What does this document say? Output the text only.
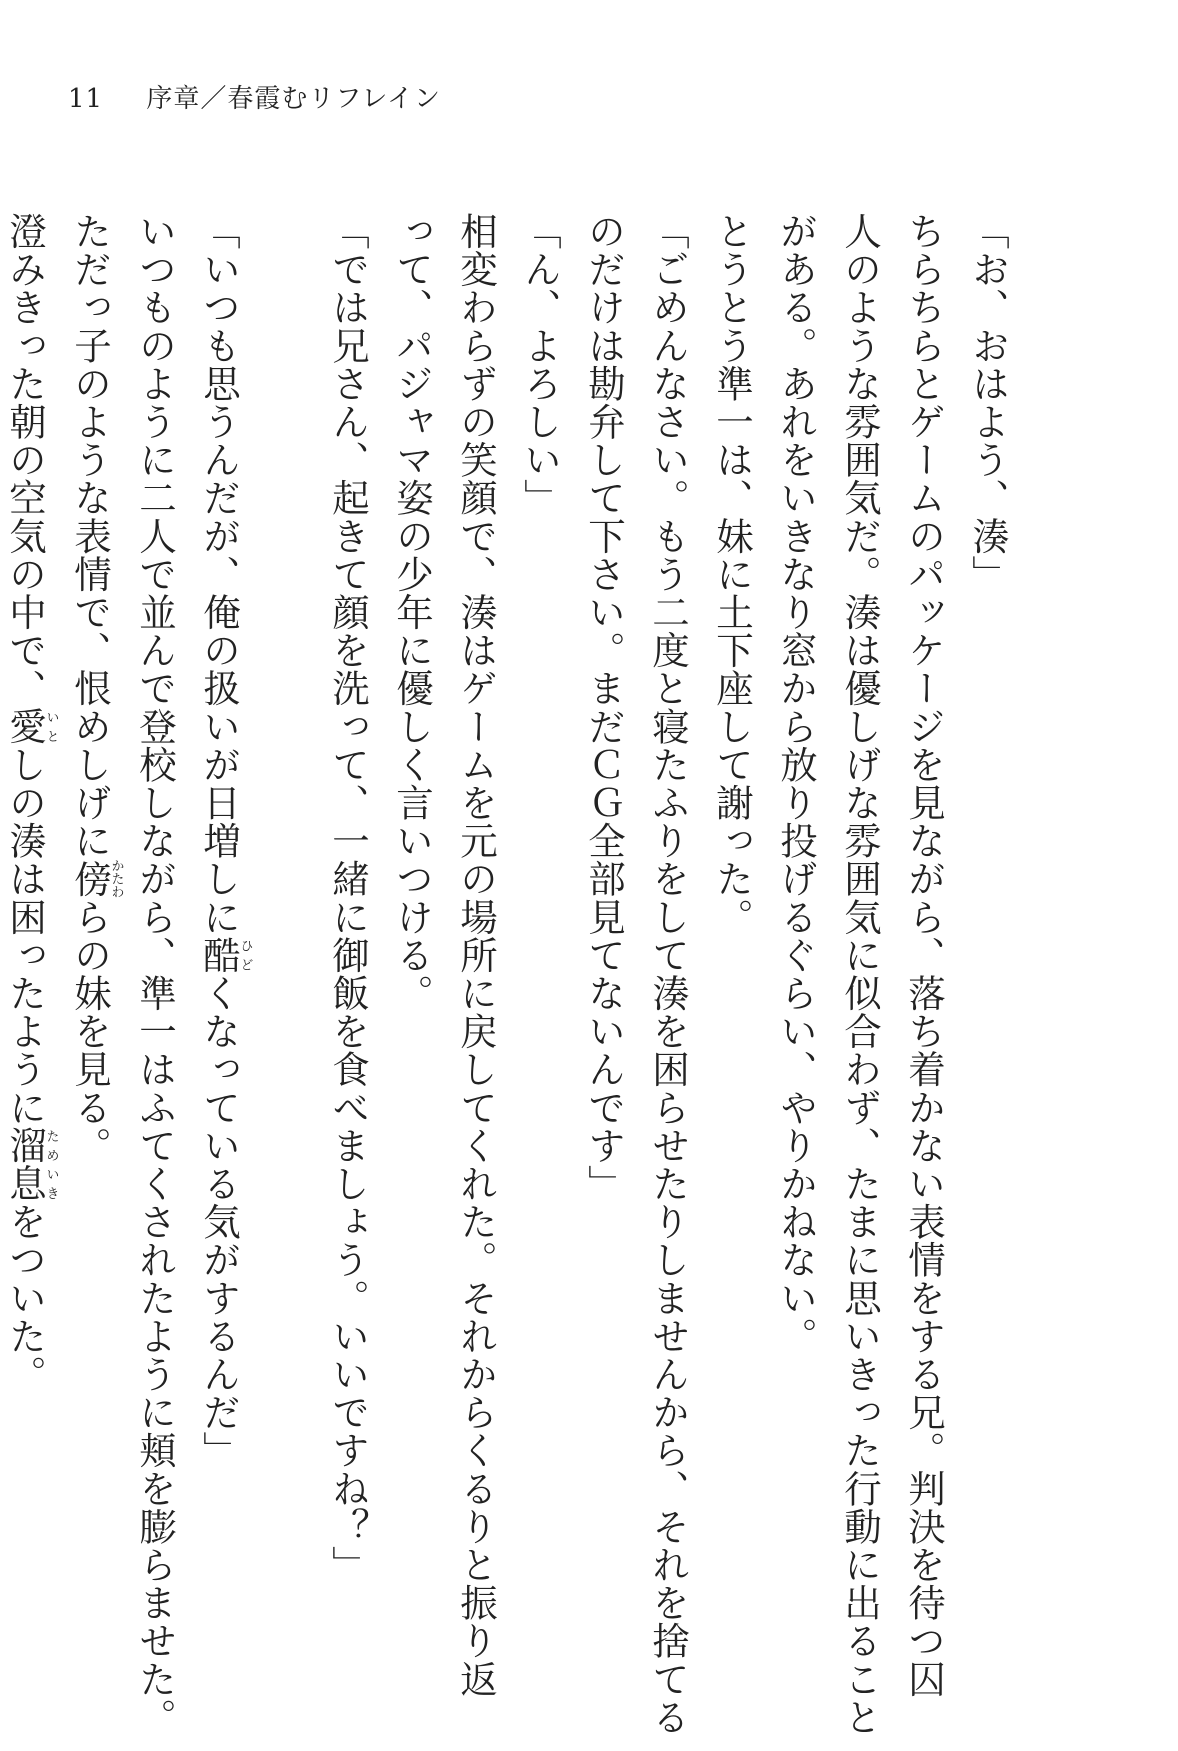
11 序章／春霞むリフレイン
「お、おはよう、湊」
ちらちらとゲームのパッケージを見ながら、落ち着かない表情をする兄。判決を待つ囚
人のような雰囲気だ。湊は優しげな雰囲気に似合わず、たまに思いきった行動に出ること
がある。あれをいきなり窓から放り投げるぐらい、やりかねない。
とうとう準一は、妹に土下座して謝った。
「ごめんなさい。もう二度と寝たふりをして湊を困らせたりしませんから、それを捨てる
のだけは勘弁して下さい。まだＣＧ全部見てないんです」
「ん、よろしい」
相変わらずの笑顔で、湊はゲームを元の場所に戻してくれた。それからくるりと振り返
って、パジャマ姿の少年に優しく言いつける。
「では兄さん、起きて顔を洗って、一緒に御飯を食べましょう。いいですね？」

「いつも思うんだが、俺の扱いが日増しに酷ひどくなっている気がするんだ」
いつものように二人で並んで登校しながら、準一はふてくされたように頬を膨らませた。
ただっ子のような表情で、恨めしげに傍かたわらの妹を見る。
澄みきった朝の空気の中で、愛いとしの湊は困ったように溜息ためいきをついた。
